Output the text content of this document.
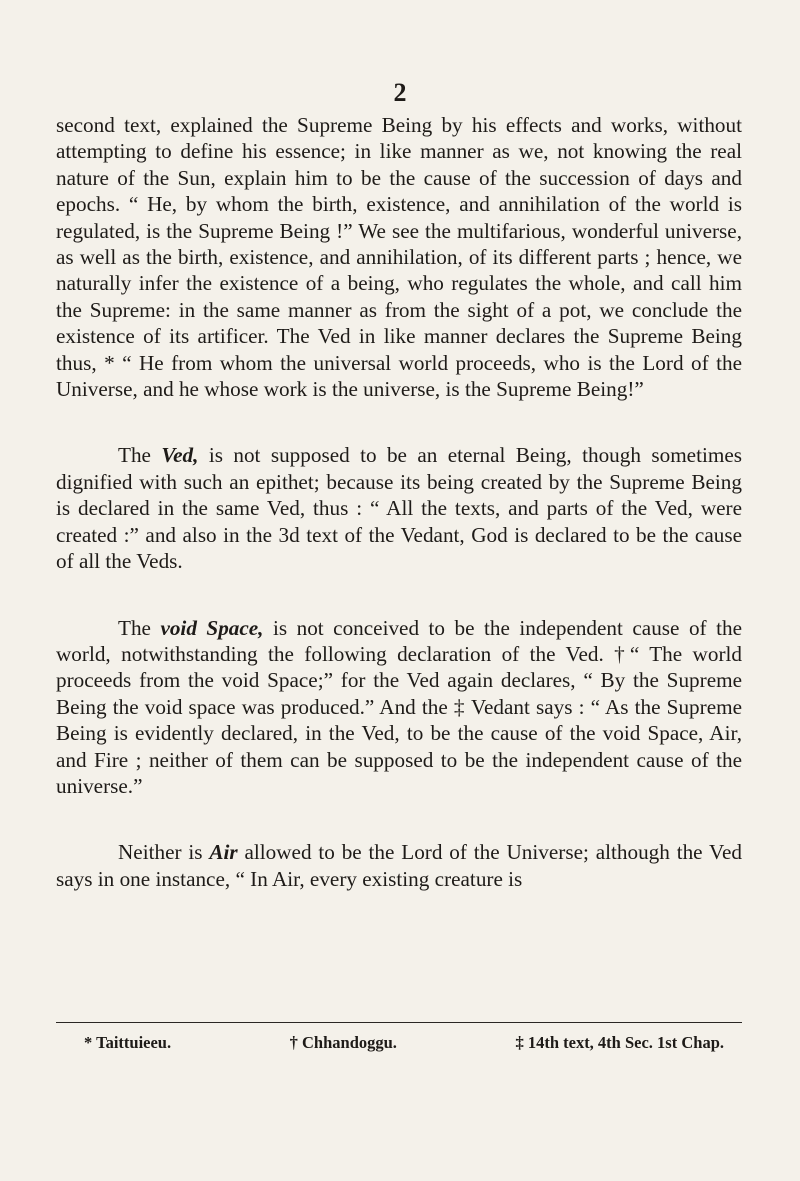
2

second text, explained the Supreme Being by his effects and works, without attempting to define his essence; in like manner as we, not knowing the real nature of the Sun, explain him to be the cause of the succession of days and epochs. “ He, by whom the birth, existence, and annihilation of the world is regulated, is the Supreme Being !” We see the multifarious, wonderful universe, as well as the birth, existence, and annihilation, of its different parts ; hence, we naturally infer the existence of a being, who regulates the whole, and call him the Supreme: in the same manner as from the sight of a pot, we conclude the existence of its artificer. The Ved in like manner declares the Supreme Being thus, * “ He from whom the universal world proceeds, who is the Lord of the Universe, and he whose work is the universe, is the Supreme Being!”

The Ved, is not supposed to be an eternal Being, though sometimes dignified with such an epithet; because its being created by the Supreme Being is declared in the same Ved, thus : “ All the texts, and parts of the Ved, were created :” and also in the 3d text of the Vedant, God is declared to be the cause of all the Veds.

The void Space, is not conceived to be the independent cause of the world, notwithstanding the following declaration of the Ved. †“ The world proceeds from the void Space;” for the Ved again declares, “ By the Supreme Being the void space was produced.” And the ‡ Vedant says : “ As the Supreme Being is evidently declared, in the Ved, to be the cause of the void Space, Air, and Fire ; neither of them can be supposed to be the independent cause of the universe.”

Neither is Air allowed to be the Lord of the Universe; although the Ved says in one instance, “ In Air, every existing creature is

* Taittuieeu.	† Chhandoggu.	‡ 14th text, 4th Sec. 1st Chap.
